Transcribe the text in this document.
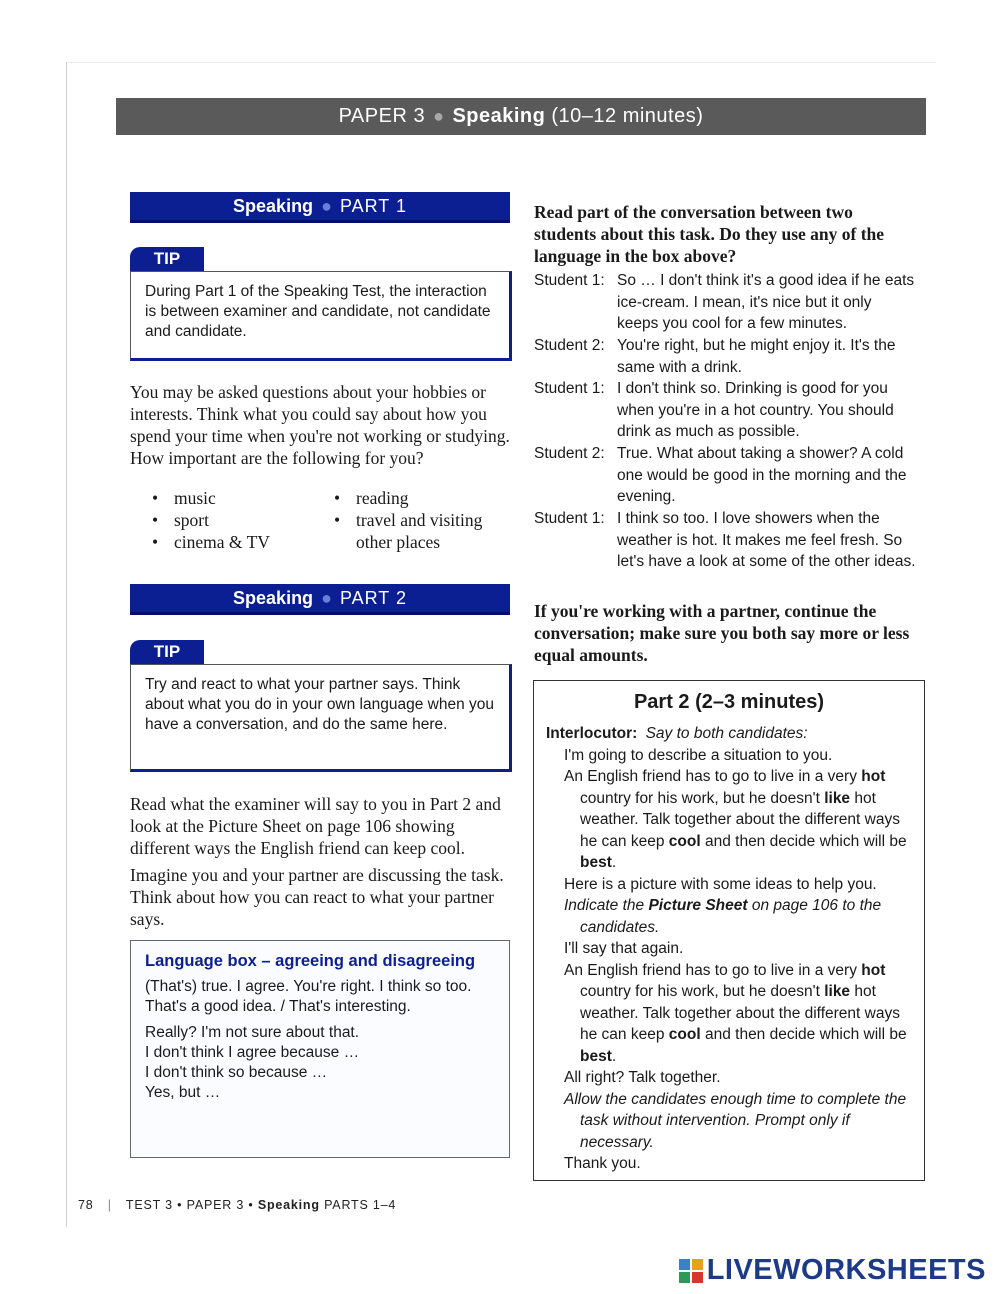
PAPER 3 ● Speaking (10–12 minutes)
Speaking ● PART 1
TIP
During Part 1 of the Speaking Test, the interaction is between examiner and candidate, not candidate and candidate.
You may be asked questions about your hobbies or interests. Think what you could say about how you spend your time when you're not working or studying. How important are the following for you?
• music
• sport
• cinema & TV
• reading
• travel and visiting
other places
Speaking ● PART 2
TIP
Try and react to what your partner says. Think about what you do in your own language when you have a conversation, and do the same here.
Read what the examiner will say to you in Part 2 and look at the Picture Sheet on page 106 showing different ways the English friend can keep cool.
Imagine you and your partner are discussing the task. Think about how you can react to what your partner says.
Language box – agreeing and disagreeing

(That's) true. I agree. You're right. I think so too.

That's a good idea. / That's interesting.

Really? I'm not sure about that.

I don't think I agree because …

I don't think so because …

Yes, but …

Read part of the conversation between two students about this task. Do they use any of the language in the box above?
Student 1: So … I don't think it's a good idea if he eats ice-cream. I mean, it's nice but it only keeps you cool for a few minutes.
Student 2: You're right, but he might enjoy it. It's the same with a drink.
Student 1: I don't think so. Drinking is good for you when you're in a hot country. You should drink as much as possible.
Student 2: True. What about taking a shower? A cold one would be good in the morning and the evening.
Student 1: I think so too. I love showers when the weather is hot. It makes me feel fresh. So let's have a look at some of the other ideas.
If you're working with a partner, continue the conversation; make sure you both say more or less equal amounts.
Part 2 (2–3 minutes)

Interlocutor: Say to both candidates:

I'm going to describe a situation to you.

An English friend has to go to live in a very hot country for his work, but he doesn't like hot weather. Talk together about the different ways he can keep cool and then decide which will be best.

Here is a picture with some ideas to help you.

Indicate the Picture Sheet on page 106 to the candidates.

I'll say that again.

An English friend has to go to live in a very hot country for his work, but he doesn't like hot weather. Talk together about the different ways he can keep cool and then decide which will be best.

All right? Talk together.

Allow the candidates enough time to complete the task without intervention. Prompt only if necessary.

Thank you.

78 | TEST 3 • PAPER 3 • Speaking PARTS 1–4
LIVEWORKSHEETS
